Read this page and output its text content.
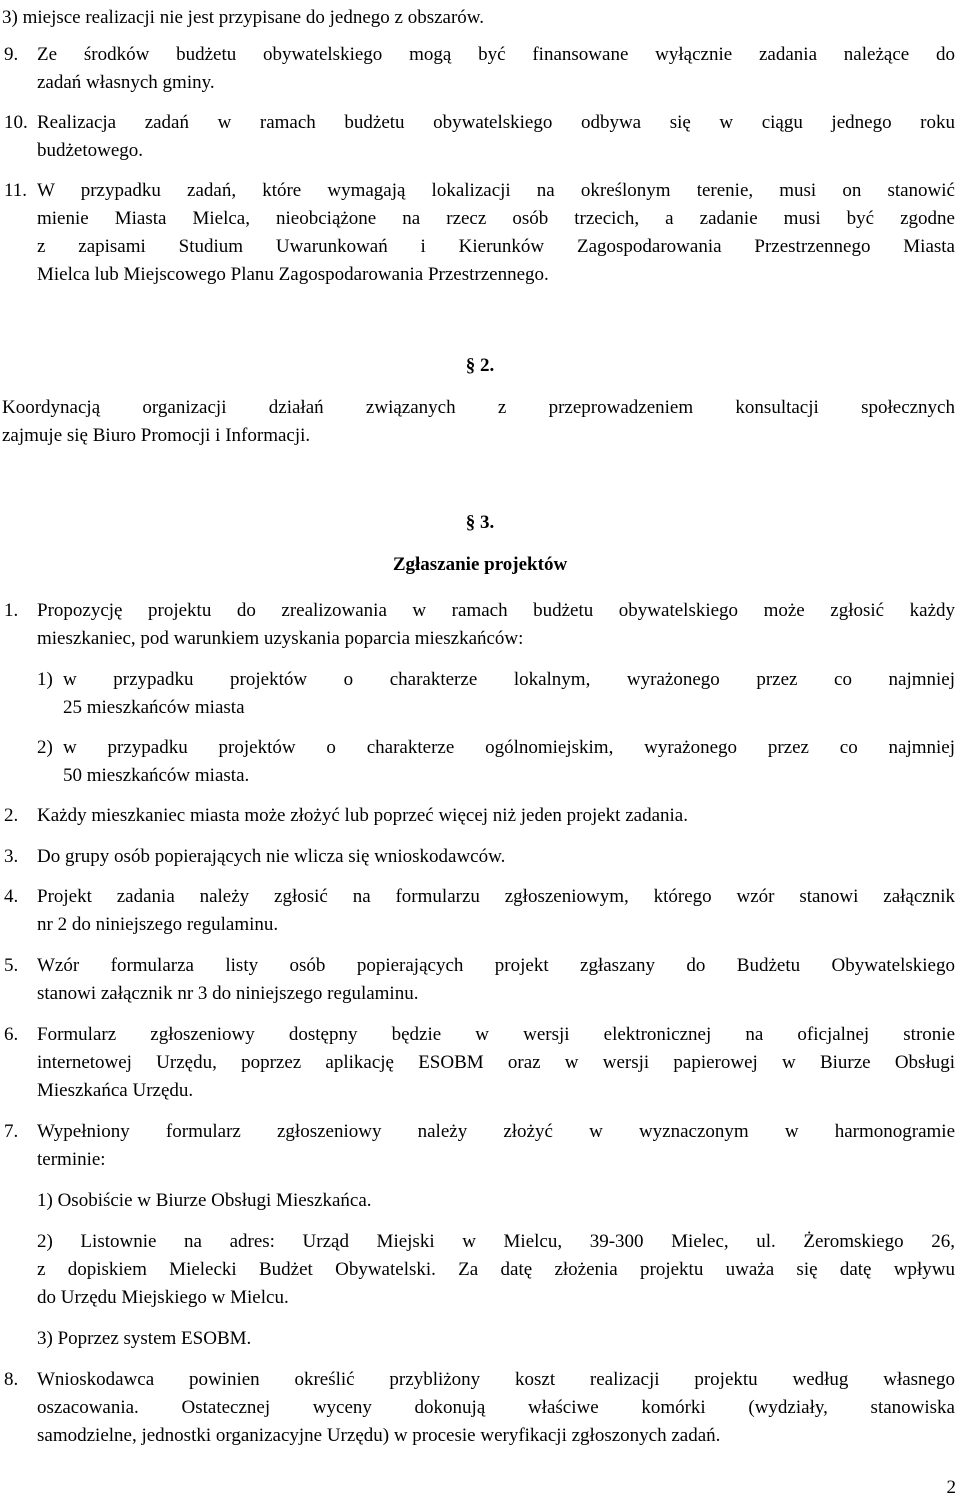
3) miejsce realizacji nie jest przypisane do jednego z obszarów.

9. Ze środków budżetu obywatelskiego mogą być finansowane wyłącznie zadania należące do

zadań własnych gminy.

10. Realizacja zadań w ramach budżetu obywatelskiego odbywa się w ciągu jednego roku

budżetowego.

11. W przypadku zadań, które wymagają lokalizacji na określonym terenie, musi on stanowić

mienie Miasta Mielca, nieobciążone na rzecz osób trzecich, a zadanie musi być zgodne

z zapisami Studium Uwarunkowań i Kierunków Zagospodarowania Przestrzennego Miasta

Mielca lub Miejscowego Planu Zagospodarowania Przestrzennego.

§ 2.

Koordynacją organizacji działań związanych z przeprowadzeniem konsultacji społecznych

zajmuje się Biuro Promocji i Informacji.

§ 3.
Zgłaszanie projektów
1. Propozycję projektu do zrealizowania w ramach budżetu obywatelskiego może zgłosić każdy

mieszkaniec, pod warunkiem uzyskania poparcia mieszkańców:

1) w przypadku projektów o charakterze lokalnym, wyrażonego przez co najmniej

25 mieszkańców miasta

2) w przypadku projektów o charakterze ogólnomiejskim, wyrażonego przez co najmniej

50 mieszkańców miasta.

2. Każdy mieszkaniec miasta może złożyć lub poprzeć więcej niż jeden projekt zadania.

3. Do grupy osób popierających nie wlicza się wnioskodawców.

4. Projekt zadania należy zgłosić na formularzu zgłoszeniowym, którego wzór stanowi załącznik

nr 2 do niniejszego regulaminu.

5. Wzór formularza listy osób popierających projekt zgłaszany do Budżetu Obywatelskiego

stanowi załącznik nr 3 do niniejszego regulaminu.

6. Formularz zgłoszeniowy dostępny będzie w wersji elektronicznej na oficjalnej stronie

internetowej Urzędu, poprzez aplikację ESOBM oraz w wersji papierowej w Biurze Obsługi

Mieszkańca Urzędu.

7. Wypełniony formularz zgłoszeniowy należy złożyć w wyznaczonym w harmonogramie

terminie:

1) Osobiście w Biurze Obsługi Mieszkańca.

2) Listownie na adres: Urząd Miejski w Mielcu, 39-300 Mielec, ul. Żeromskiego 26,

z dopiskiem Mielecki Budżet Obywatelski. Za datę złożenia projektu uważa się datę wpływu

do Urzędu Miejskiego w Mielcu.

3) Poprzez system ESOBM.

8. Wnioskodawca powinien określić przybliżony koszt realizacji projektu według własnego

oszacowania. Ostatecznej wyceny dokonują właściwe komórki (wydziały, stanowiska

samodzielne, jednostki organizacyjne Urzędu) w procesie weryfikacji zgłoszonych zadań.

2
